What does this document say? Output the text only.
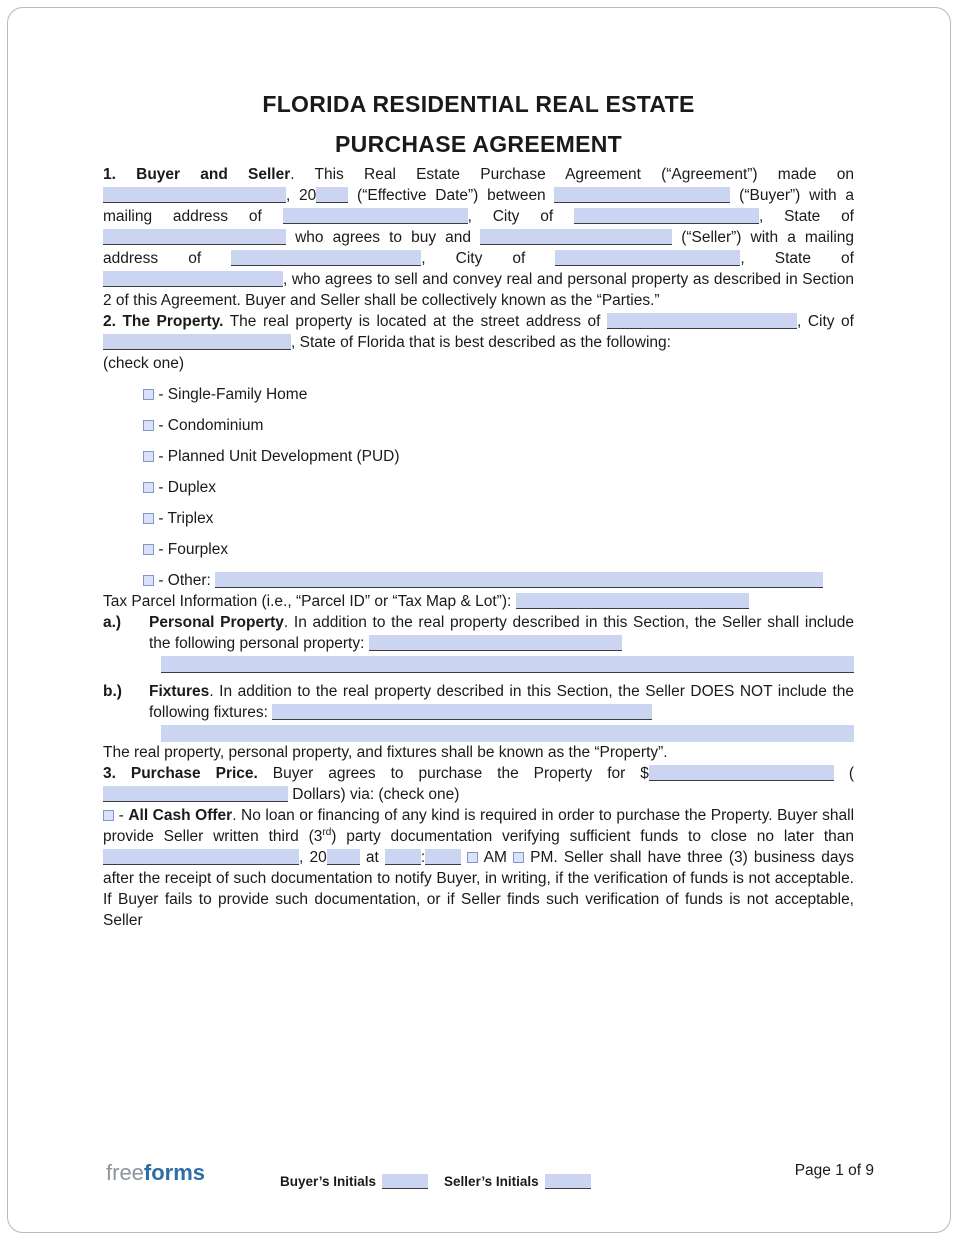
FLORIDA RESIDENTIAL REAL ESTATE
PURCHASE AGREEMENT

1. Buyer and Seller. This Real Estate Purchase Agreement (“Agreement”) made on , 20 (“Effective Date”) between	(“Buyer”) with a mailing address of	, City of	, State of  who agrees to buy and	(“Seller”) with a mailing address of	, City of	, State of , who agrees to sell and convey real and personal property as described in Section 2 of this Agreement. Buyer and Seller shall be collectively known as the “Parties.”

2. The Property. The real property is located at the street address of	, City of , State of Florida that is best described as the following:

(check one)

- Single-Family Home
- Condominium
- Planned Unit Development (PUD)
- Duplex
- Triplex
- Fourplex
- Other:

Tax Parcel Information (i.e., “Parcel ID” or “Tax Map & Lot”):

a.) Personal Property. In addition to the real property described in this Section, the Seller shall include the following personal property:

b.) Fixtures. In addition to the real property described in this Section, the Seller DOES NOT include the following fixtures:

The real property, personal property, and fixtures shall be known as the “Property”.

3. Purchase Price. Buyer agrees to purchase the Property for $	( Dollars) via: (check one)

- All Cash Offer. No loan or financing of any kind is required in order to purchase the Property. Buyer shall provide Seller written third (3rd) party documentation verifying sufficient funds to close no later than , 20 at :	AM  PM. Seller shall have three (3) business days after the receipt of such documentation to notify Buyer, in writing, if the verification of funds is not acceptable. If Buyer fails to provide such documentation, or if Seller finds such verification of funds is not acceptable, Seller

freeforms	Buyer’s Initials	Seller’s Initials
Page 1 of 9
